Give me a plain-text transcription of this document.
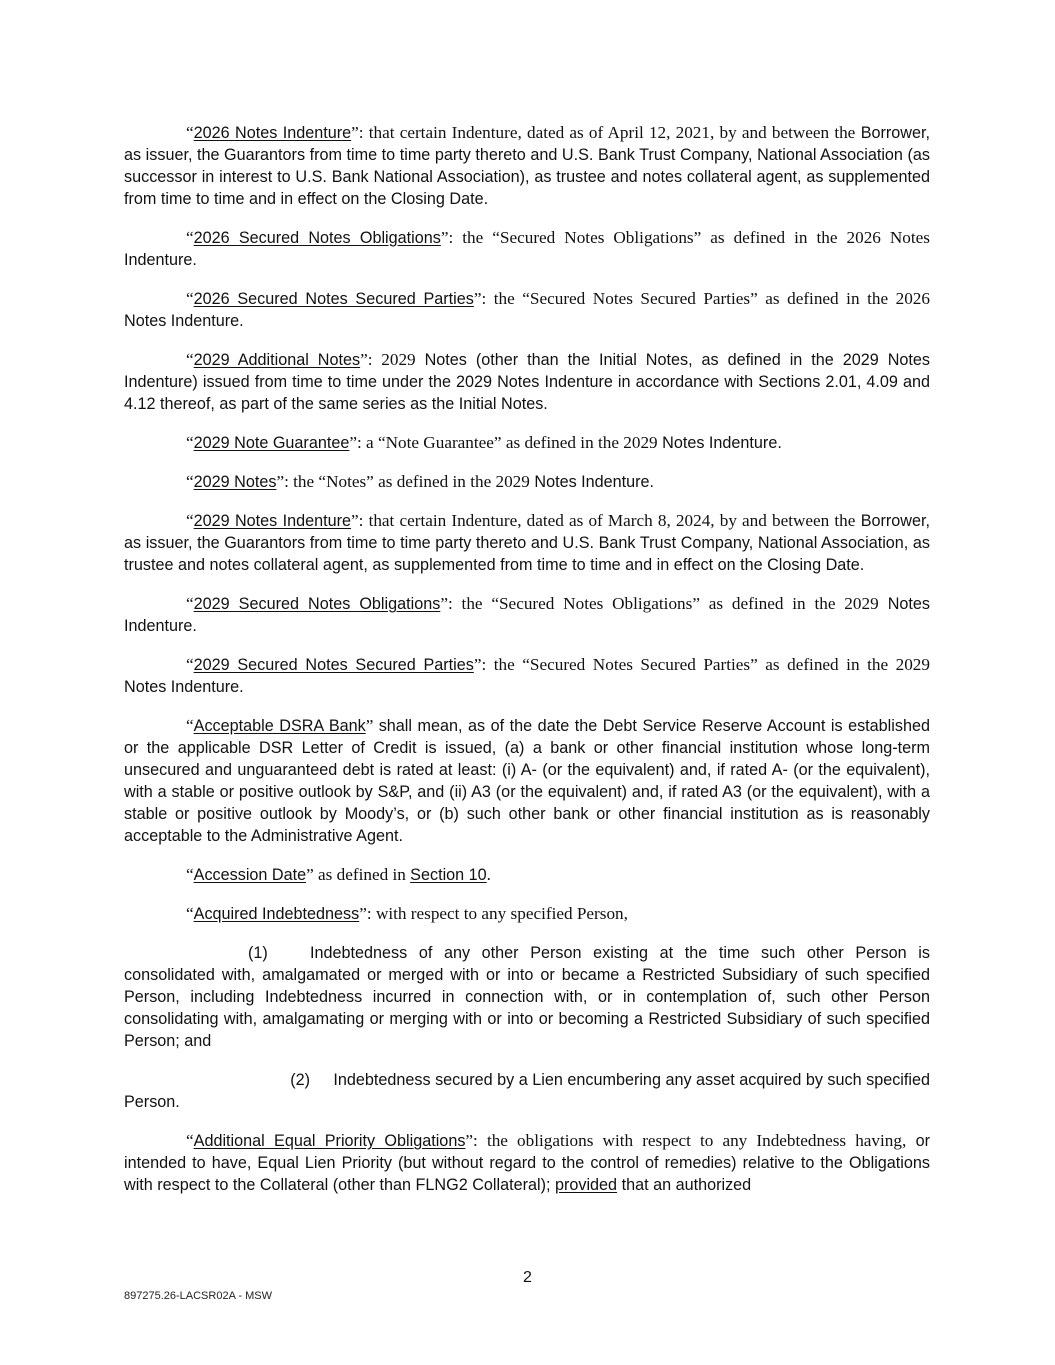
“2026 Notes Indenture”: that certain Indenture, dated as of April 12, 2021, by and between the Borrower, as issuer, the Guarantors from time to time party thereto and U.S. Bank Trust Company, National Association (as successor in interest to U.S. Bank National Association), as trustee and notes collateral agent, as supplemented from time to time and in effect on the Closing Date.

“2026 Secured Notes Obligations”: the “Secured Notes Obligations” as defined in the 2026 Notes Indenture.

“2026 Secured Notes Secured Parties”: the “Secured Notes Secured Parties” as defined in the 2026 Notes Indenture.

“2029 Additional Notes”: 2029 Notes (other than the Initial Notes, as defined in the 2029 Notes Indenture) issued from time to time under the 2029 Notes Indenture in accordance with Sections 2.01, 4.09 and 4.12 thereof, as part of the same series as the Initial Notes.

“2029 Note Guarantee”: a “Note Guarantee” as defined in the 2029 Notes Indenture.

“2029 Notes”: the “Notes” as defined in the 2029 Notes Indenture.

“2029 Notes Indenture”: that certain Indenture, dated as of March 8, 2024, by and between the Borrower, as issuer, the Guarantors from time to time party thereto and U.S. Bank Trust Company, National Association, as trustee and notes collateral agent, as supplemented from time to time and in effect on the Closing Date.

“2029 Secured Notes Obligations”: the “Secured Notes Obligations” as defined in the 2029 Notes Indenture.

“2029 Secured Notes Secured Parties”: the “Secured Notes Secured Parties” as defined in the 2029 Notes Indenture.

“Acceptable DSRA Bank” shall mean, as of the date the Debt Service Reserve Account is established or the applicable DSR Letter of Credit is issued, (a) a bank or other financial institution whose long-term unsecured and unguaranteed debt is rated at least: (i) A- (or the equivalent) and, if rated A- (or the equivalent), with a stable or positive outlook by S&P, and (ii) A3 (or the equivalent) and, if rated A3 (or the equivalent), with a stable or positive outlook by Moody’s, or (b) such other bank or other financial institution as is reasonably acceptable to the Administrative Agent.

“Accession Date” as defined in Section 10.

“Acquired Indebtedness”: with respect to any specified Person,

(1)	Indebtedness of any other Person existing at the time such other Person is consolidated with, amalgamated or merged with or into or became a Restricted Subsidiary of such specified Person, including Indebtedness incurred in connection with, or in contemplation of, such other Person consolidating with, amalgamating or merging with or into or becoming a Restricted Subsidiary of such specified Person; and

(2) Indebtedness secured by a Lien encumbering any asset acquired by such specified
Person.

“Additional Equal Priority Obligations”: the obligations with respect to any Indebtedness having, or intended to have, Equal Lien Priority (but without regard to the control of remedies) relative to the Obligations with respect to the Collateral (other than FLNG2 Collateral); provided that an authorized

2
897275.26-LACSR02A - MSW
